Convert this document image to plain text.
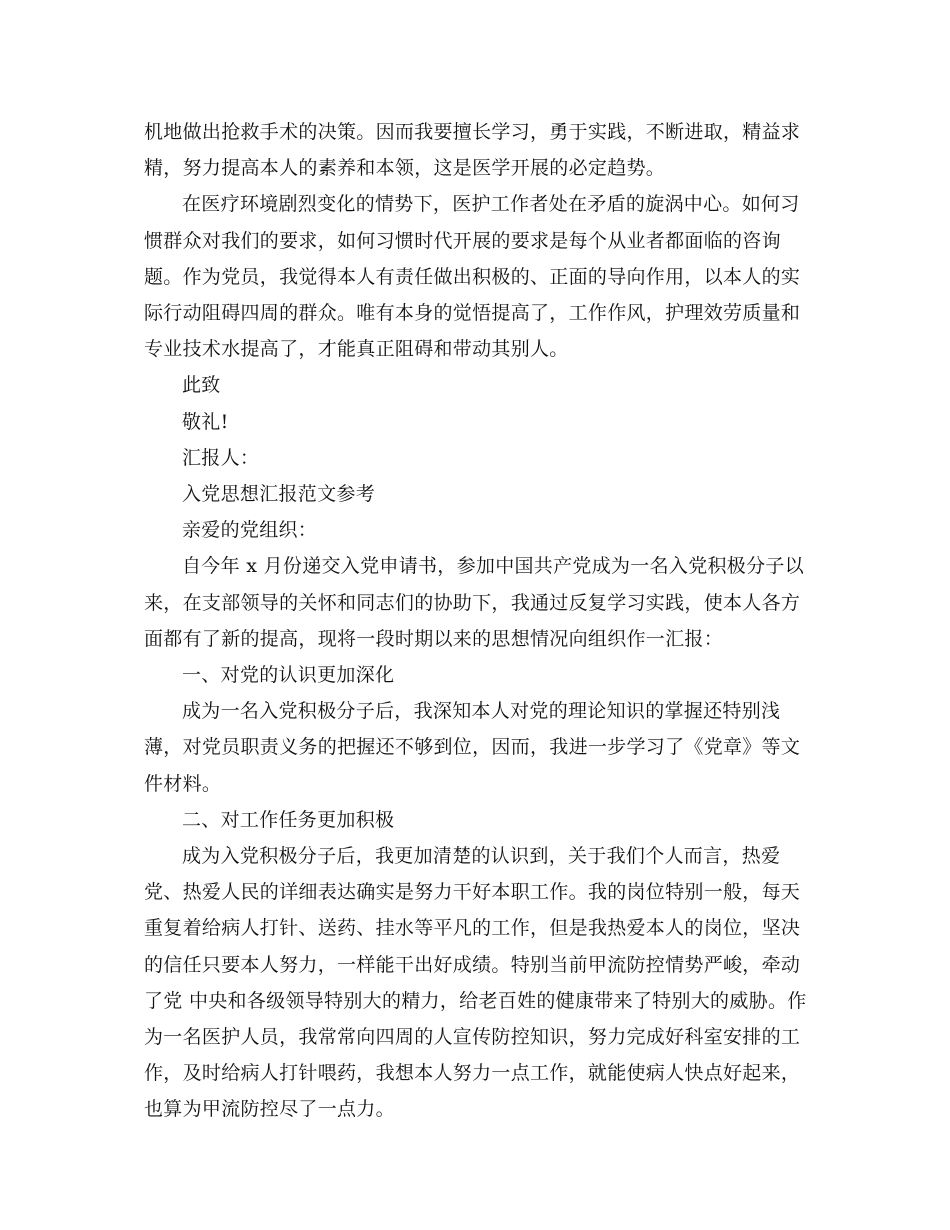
机地做出抢救手术的决策。因而我要擅长学习，勇于实践，不断进取，精益求精，努力提高本人的素养和本领，这是医学开展的必定趋势。

在医疗环境剧烈变化的情势下，医护工作者处在矛盾的旋涡中心。如何习惯群众对我们的要求，如何习惯时代开展的要求是每个从业者都面临的咨询题。作为党员，我觉得本人有责任做出积极的、正面的导向作用，以本人的实际行动阻碍四周的群众。唯有本身的觉悟提高了，工作作风，护理效劳质量和专业技术水提高了，才能真正阻碍和带动其别人。

此致

敬礼!

汇报人：

入党思想汇报范文参考

亲爱的党组织：

自今年 x 月份递交入党申请书，参加中国共产党成为一名入党积极分子以来，在支部领导的关怀和同志们的协助下，我通过反复学习实践，使本人各方面都有了新的提高，现将一段时期以来的思想情况向组织作一汇报：

一、对党的认识更加深化

成为一名入党积极分子后，我深知本人对党的理论知识的掌握还特别浅薄，对党员职责义务的把握还不够到位，因而，我进一步学习了《党章》等文件材料。

二、对工作任务更加积极

成为入党积极分子后，我更加清楚的认识到，关于我们个人而言，热爱党、热爱人民的详细表达确实是努力干好本职工作。我的岗位特别一般，每天重复着给病人打针、送药、挂水等平凡的工作，但是我热爱本人的岗位，坚决的信任只要本人努力，一样能干出好成绩。特别当前甲流防控情势严峻，牵动了党 中央和各级领导特别大的精力，给老百姓的健康带来了特别大的威胁。作为一名医护人员，我常常向四周的人宣传防控知识，努力完成好科室安排的工作，及时给病人打针喂药，我想本人努力一点工作，就能使病人快点好起来，也算为甲流防控尽了一点力。
